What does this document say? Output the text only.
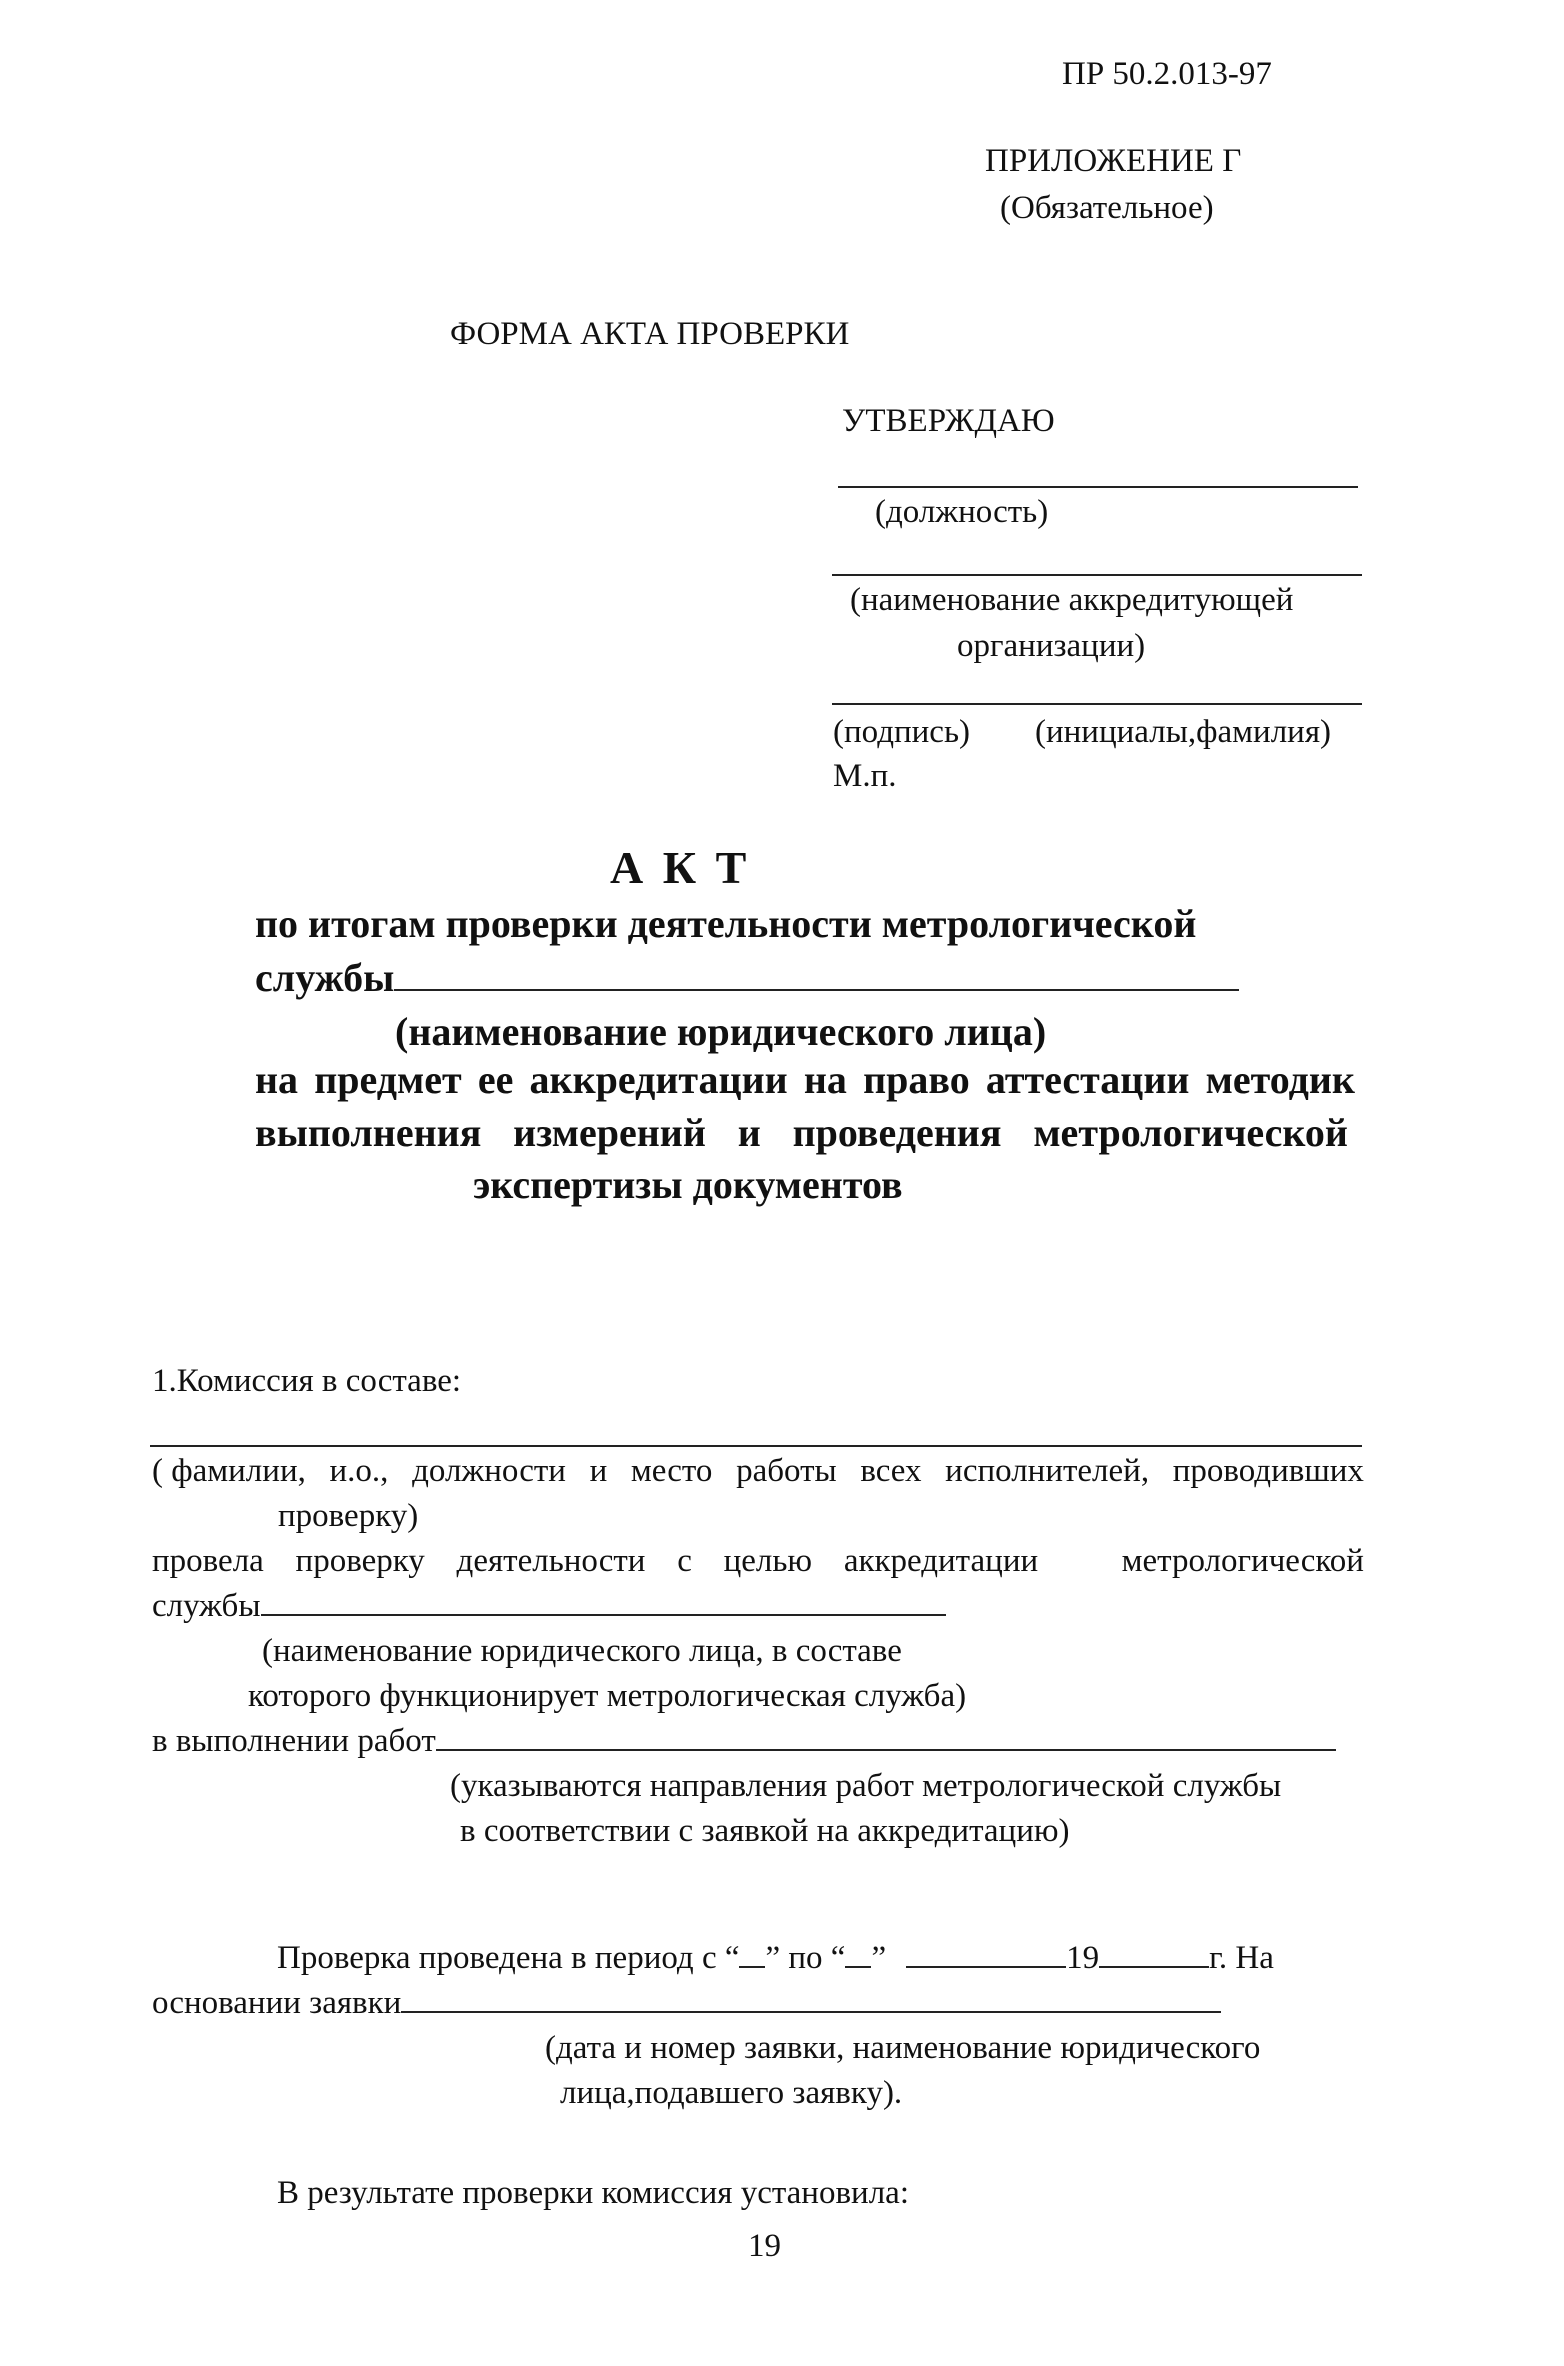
ПР 50.2.013-97
ПРИЛОЖЕНИЕ Г
(Обязательное)
ФОРМА АКТА ПРОВЕРКИ
УТВЕРЖДАЮ
(должность)
(наименование аккредитующей
организации)
(подпись) (инициалы,фамилия)
М.п.
А К Т
по итогам проверки деятельности метрологической
службы
(наименование юридического лица)
на предмет ее аккредитации на право аттестации методик
выполнения измерений и проведения метрологической
экспертизы документов
1.Комиссия в составе:
( фамилии, и.о., должности и место работы всех исполнителей, проводивших
проверку)
провела проверку деятельности с целью аккредитации	метрологической
службы
(наименование юридического лица, в составе
которого функционирует метрологическая служба)
в выполнении работ
(указываются направления работ метрологической службы
в соответствии с заявкой на аккредитацию)
Проверка проведена в период с “ ” по “ ”	19	г. На
основании заявки
(дата и номер заявки, наименование юридического
лица,подавшего заявку).
В результате проверки комиссия установила:
19
